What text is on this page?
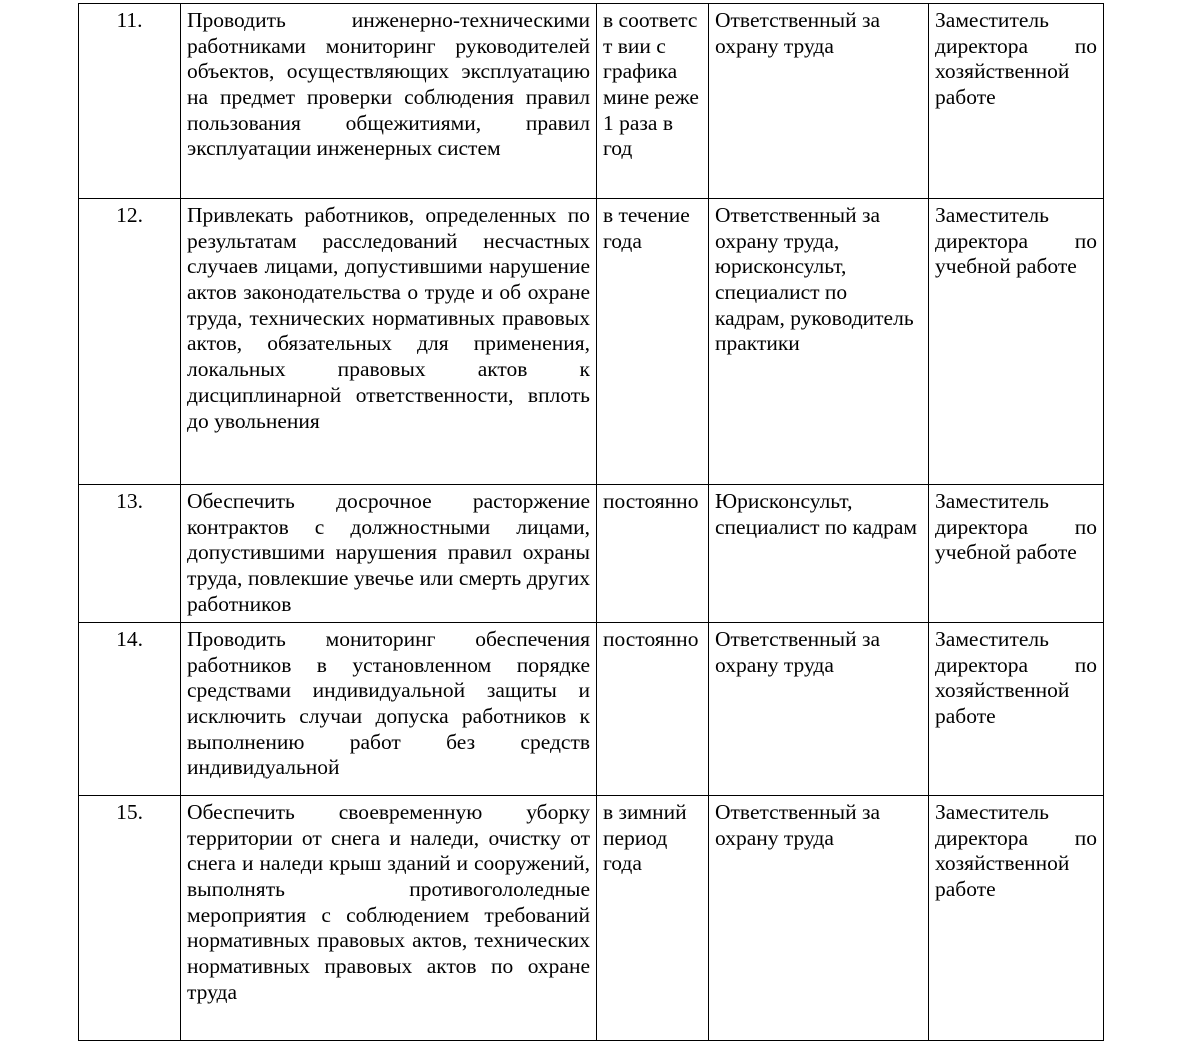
11.	Проводить инженерно-техническими работниками мониторинг руководителей объектов, осуществляющих эксплуатацию на предмет проверки соблюдения правил пользования общежитиями, правил эксплуатации инженерных систем	в соответс т вии с графика мине реже 1 раза в год	Ответственный за охрану труда	Заместитель директора по хозяйственной работе
12.	Привлекать работников, определенных по результатам расследований несчастных случаев лицами, допустившими нарушение актов законодательства о труде и об охране труда, технических нормативных правовых актов, обязательных для применения, локальных правовых актов к дисциплинарной ответственности, вплоть до увольнения	в течение года	Ответственный за охрану труда, юрисконсульт, специалист по кадрам, руководитель практики	Заместитель директора по учебной работе
13.	Обеспечить досрочное расторжение контрактов с должностными лицами, допустившими нарушения правил охраны труда, повлекшие увечье или смерть других работников	постоянно	Юрисконсульт, специалист по кадрам	Заместитель директора по учебной работе
14.	Проводить мониторинг обеспечения работников в установленном порядке средствами индивидуальной защиты и исключить случаи допуска работников к выполнению работ без средств индивидуальной	постоянно	Ответственный за охрану труда	Заместитель директора по хозяйственной работе
15.	Обеспечить своевременную уборку территории от снега и наледи, очистку от снега и наледи крыш зданий и сооружений, выполнять противогололедные мероприятия с соблюдением требований нормативных правовых актов, технических нормативных правовых актов по охране труда	в зимний период года	Ответственный за охрану труда	Заместитель директора по хозяйственной работе
